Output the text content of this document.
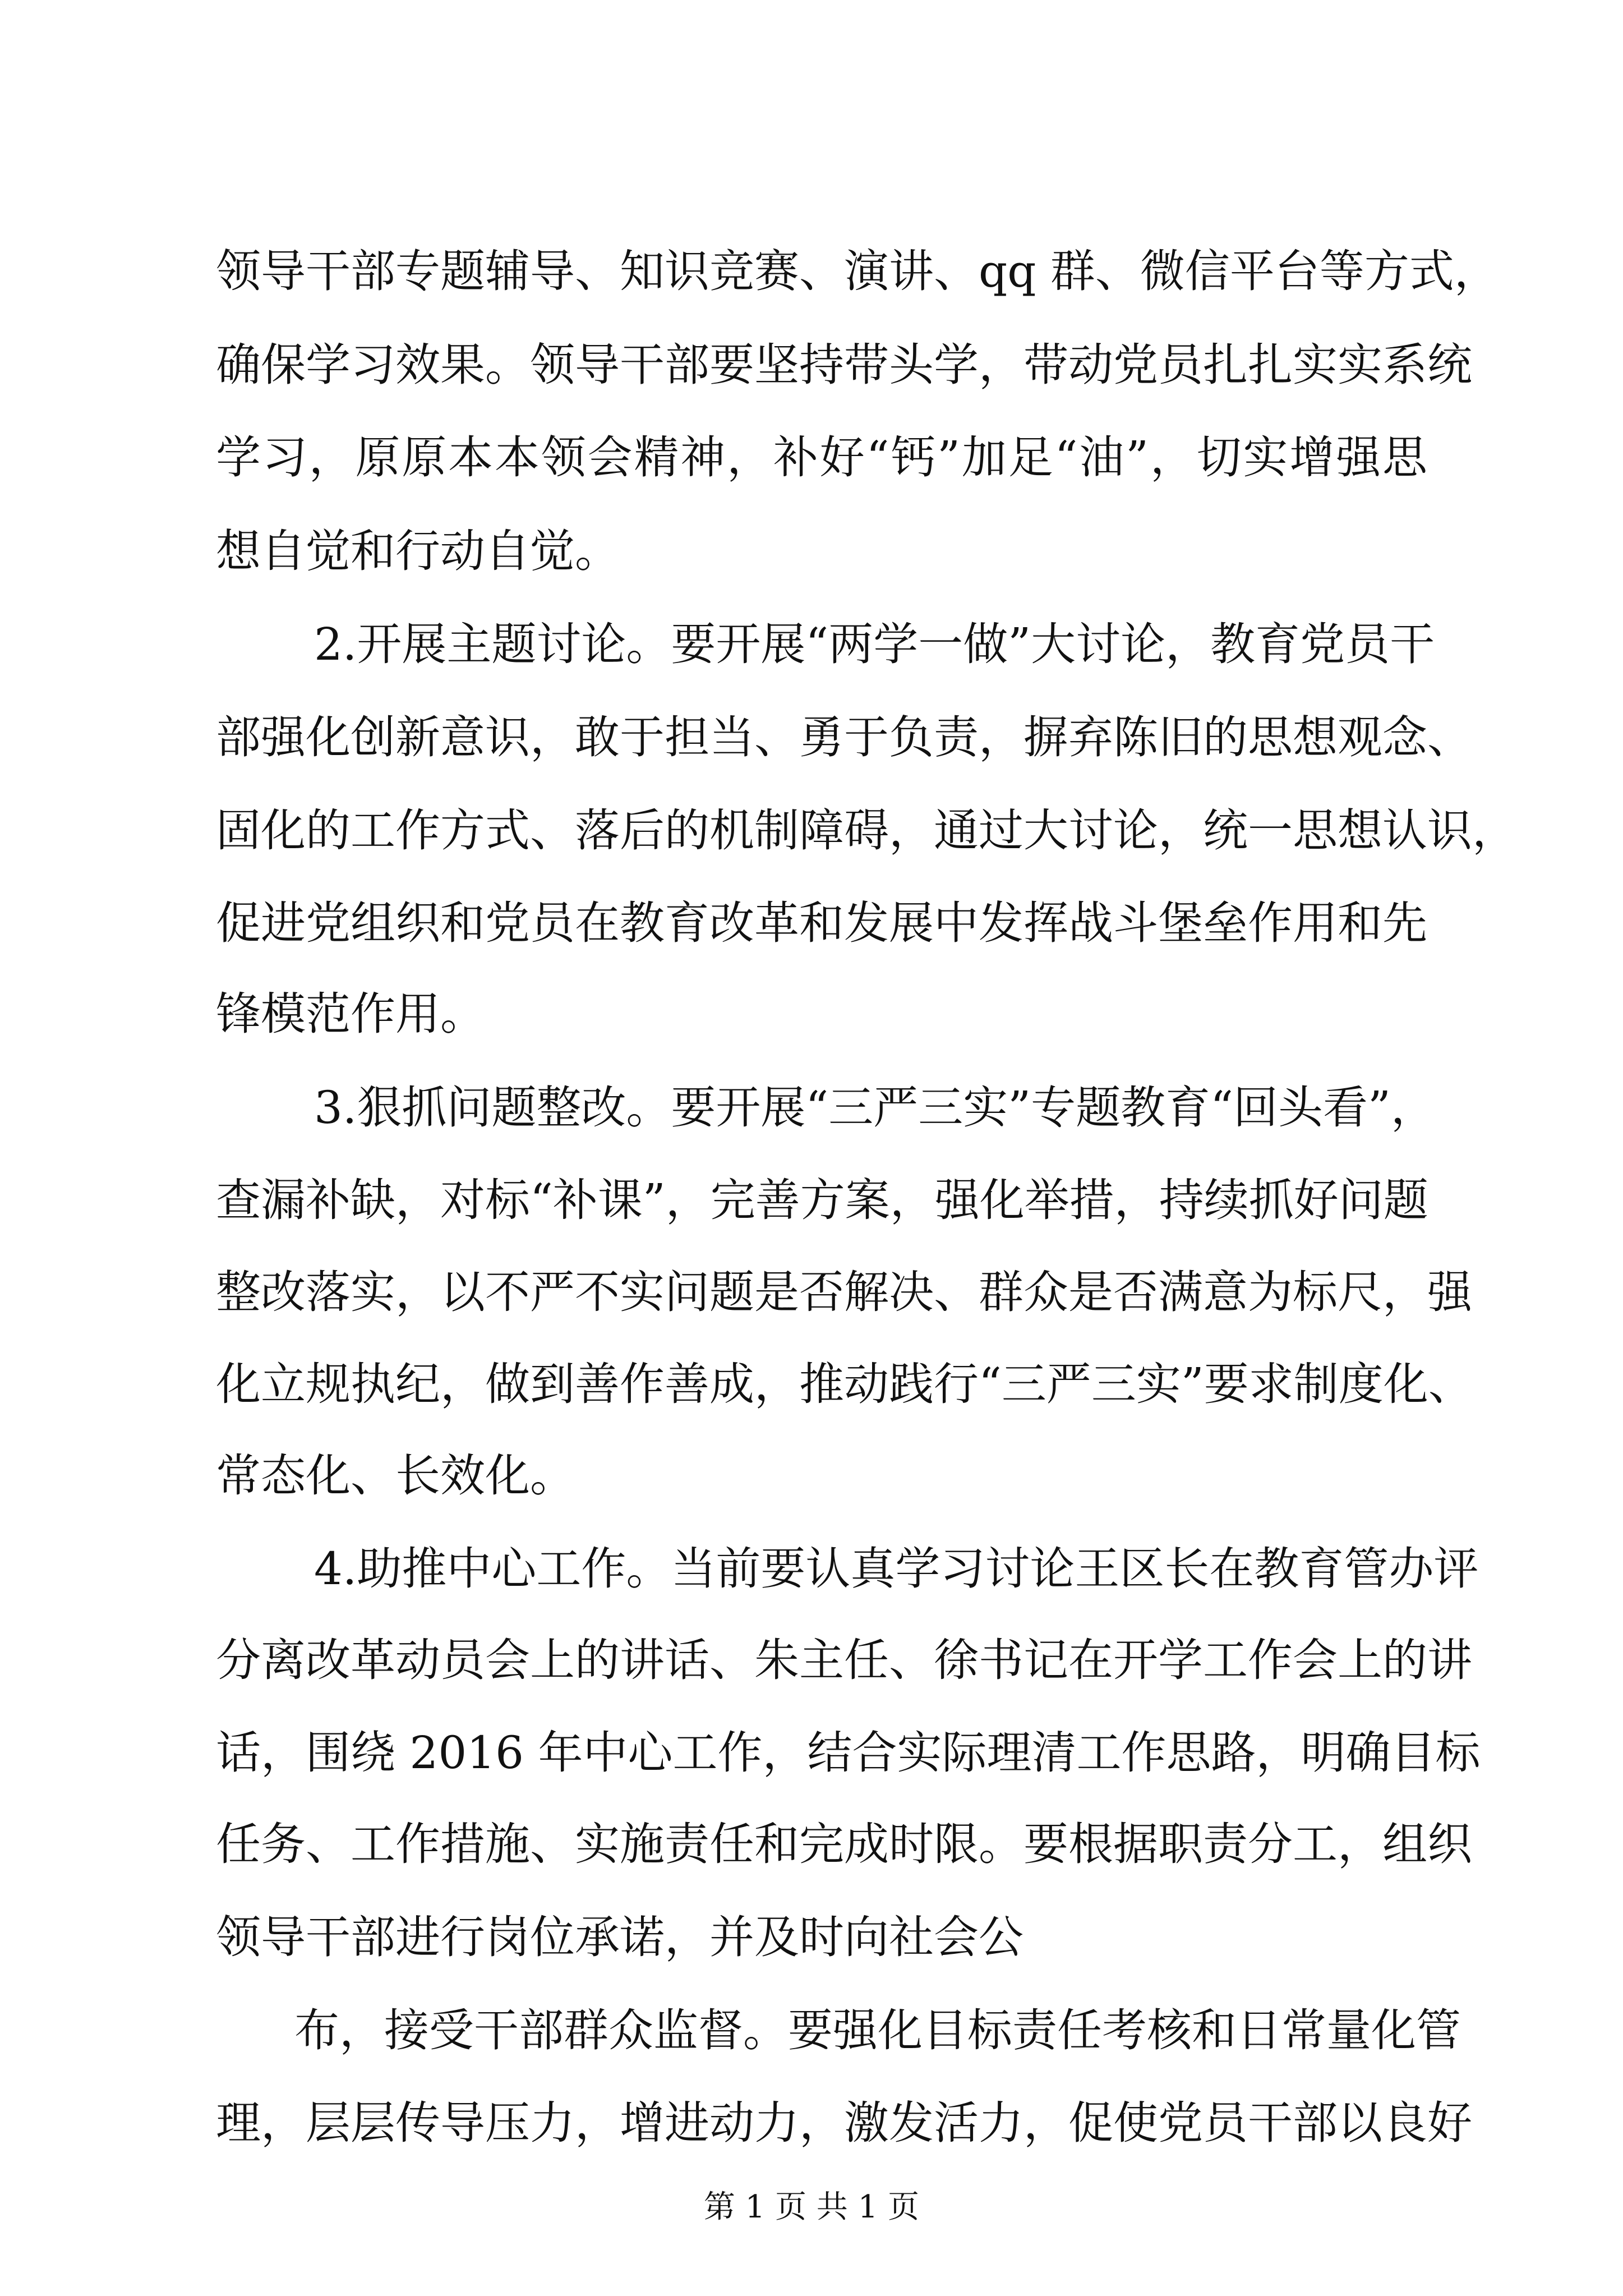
领导干部专题辅导、知识竞赛、演讲、qq 群、微信平台等方式，
确保学习效果。领导干部要坚持带头学，带动党员扎扎实实系统
学习，原原本本领会精神，补好“钙”加足“油”，切实增强思
想自觉和行动自觉。
2.开展主题讨论。要开展“两学一做”大讨论，教育党员干
部强化创新意识，敢于担当、勇于负责，摒弃陈旧的思想观念、
固化的工作方式、落后的机制障碍，通过大讨论，统一思想认识，
促进党组织和党员在教育改革和发展中发挥战斗堡垒作用和先
锋模范作用。
3.狠抓问题整改。要开展“三严三实”专题教育“回头看”，
查漏补缺，对标“补课”，完善方案，强化举措，持续抓好问题
整改落实，以不严不实问题是否解决、群众是否满意为标尺，强
化立规执纪，做到善作善成，推动践行“三严三实”要求制度化、
常态化、长效化。
4.助推中心工作。当前要认真学习讨论王区长在教育管办评
分离改革动员会上的讲话、朱主任、徐书记在开学工作会上的讲
话，围绕 2016 年中心工作，结合实际理清工作思路，明确目标
任务、工作措施、实施责任和完成时限。要根据职责分工，组织
领导干部进行岗位承诺，并及时向社会公
布，接受干部群众监督。要强化目标责任考核和日常量化管
理，层层传导压力，增进动力，激发活力，促使党员干部以良好
第 1 页 共 1 页
